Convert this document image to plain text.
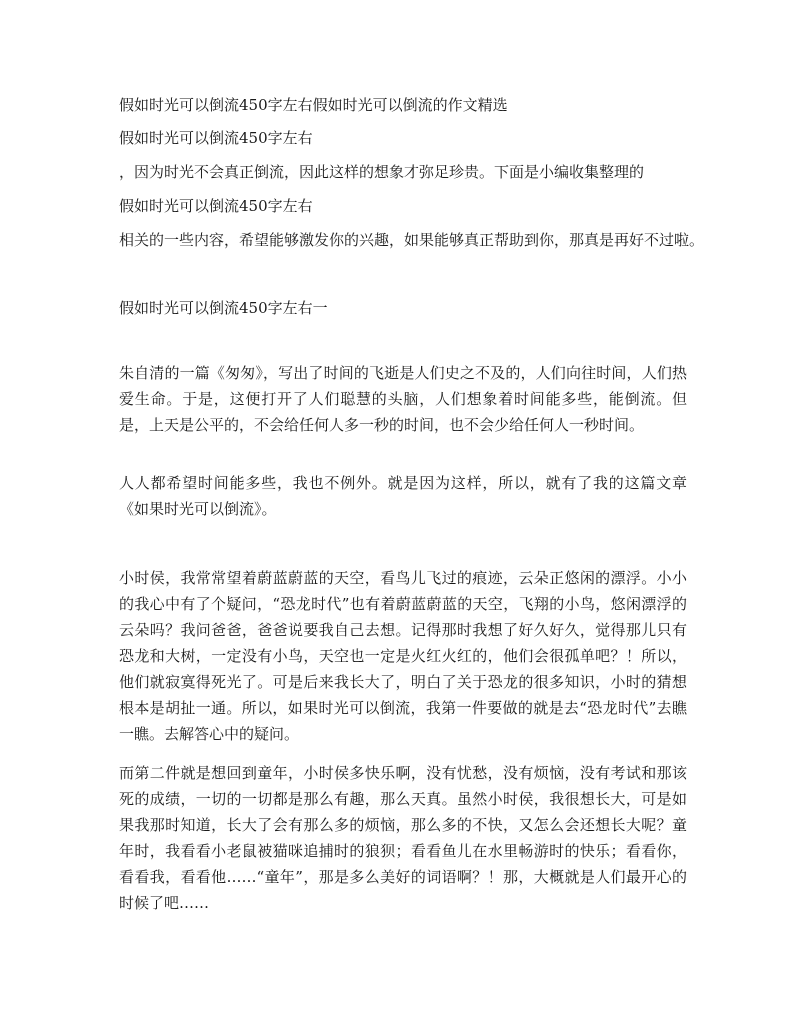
假如时光可以倒流450字左右假如时光可以倒流的作文精选
假如时光可以倒流450字左右
，因为时光不会真正倒流，因此这样的想象才弥足珍贵。下面是小编收集整理的
假如时光可以倒流450字左右
相关的一些内容，希望能够激发你的兴趣，如果能够真正帮助到你，那真是再好不过啦。
假如时光可以倒流450字左右一
朱自清的一篇《匆匆》，写出了时间的飞逝是人们史之不及的，人们向往时间，人们热爱生命。于是，这便打开了人们聪慧的头脑，人们想象着时间能多些，能倒流。但是，上天是公平的，不会给任何人多一秒的时间，也不会少给任何人一秒时间。
人人都希望时间能多些，我也不例外。就是因为这样，所以，就有了我的这篇文章《如果时光可以倒流》。
小时侯，我常常望着蔚蓝蔚蓝的天空，看鸟儿飞过的痕迹，云朵正悠闲的漂浮。小小的我心中有了个疑问，“恐龙时代”也有着蔚蓝蔚蓝的天空，飞翔的小鸟，悠闲漂浮的云朵吗？我问爸爸，爸爸说要我自己去想。记得那时我想了好久好久，觉得那儿只有恐龙和大树，一定没有小鸟，天空也一定是火红火红的，他们会很孤单吧？！所以，他们就寂寞得死光了。可是后来我长大了，明白了关于恐龙的很多知识，小时的猜想根本是胡扯一通。所以，如果时光可以倒流，我第一件要做的就是去“恐龙时代”去瞧一瞧。去解答心中的疑问。
而第二件就是想回到童年，小时侯多快乐啊，没有忧愁，没有烦恼，没有考试和那该死的成绩，一切的一切都是那么有趣，那么天真。虽然小时侯，我很想长大，可是如果我那时知道，长大了会有那么多的烦恼，那么多的不快，又怎么会还想长大呢？童年时，我看看小老鼠被猫咪追捕时的狼狈；看看鱼儿在水里畅游时的快乐；看看你，看看我，看看他……“童年”，那是多么美好的词语啊？！那，大概就是人们最开心的时候了吧……
